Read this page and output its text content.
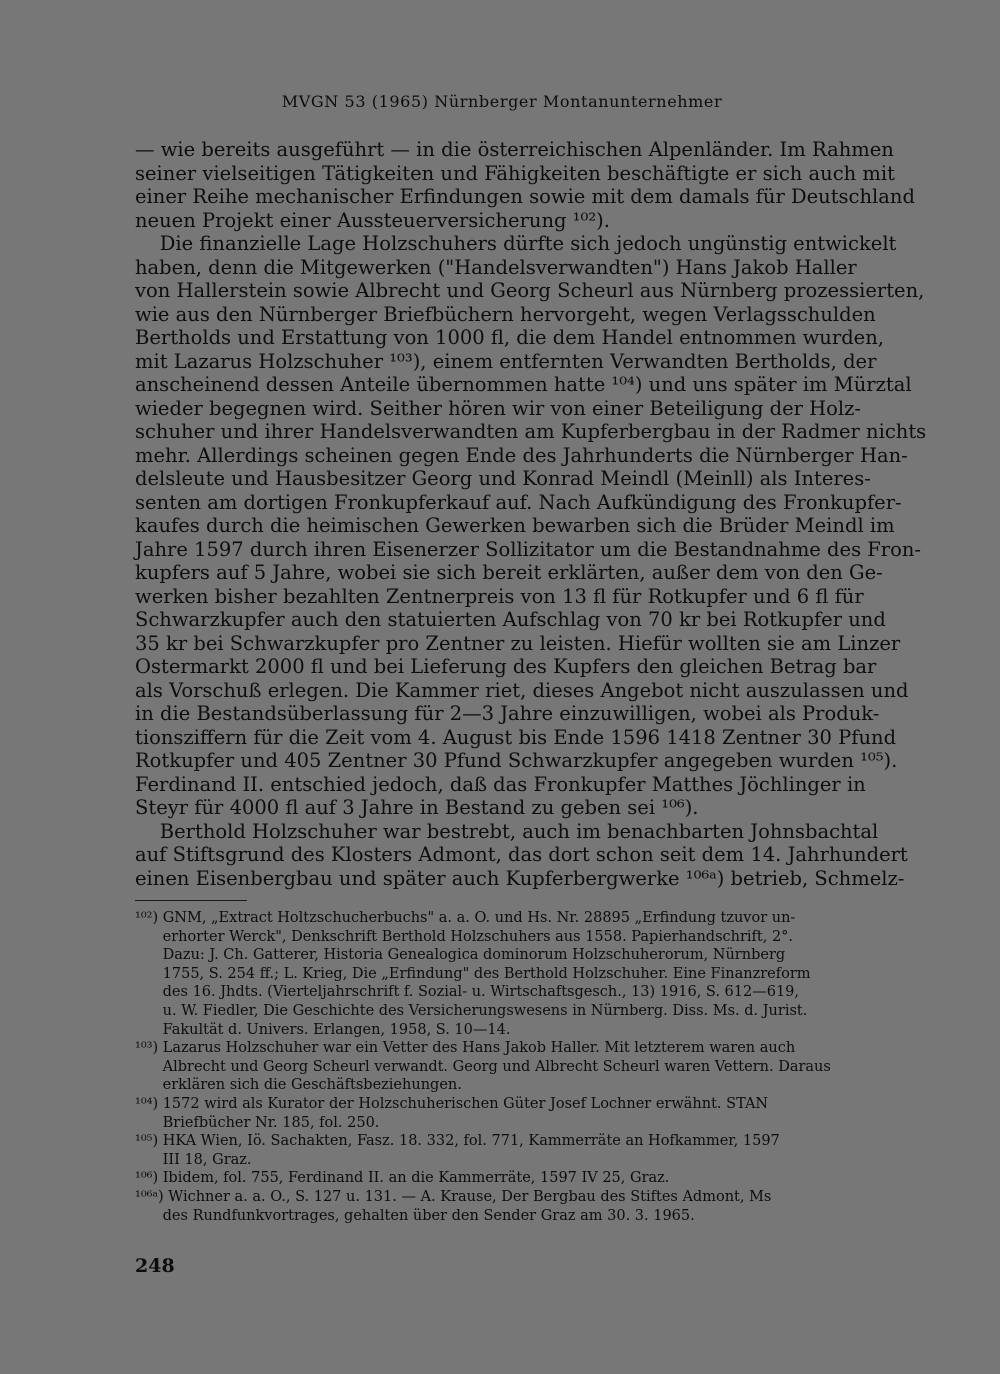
MVGN 53 (1965) Nürnberger Montanunternehmer
— wie bereits ausgeführt — in die österreichischen Alpenländer. Im Rahmen
seiner vielseitigen Tätigkeiten und Fähigkeiten beschäftigte er sich auch mit
einer Reihe mechanischer Erfindungen sowie mit dem damals für Deutschland
neuen Projekt einer Aussteuerversicherung ¹⁰²).
Die finanzielle Lage Holzschuhers dürfte sich jedoch ungünstig entwickelt
haben, denn die Mitgewerken ("Handelsverwandten") Hans Jakob Haller
von Hallerstein sowie Albrecht und Georg Scheurl aus Nürnberg prozessierten,
wie aus den Nürnberger Briefbüchern hervorgeht, wegen Verlagsschulden
Bertholds und Erstattung von 1000 fl, die dem Handel entnommen wurden,
mit Lazarus Holzschuher ¹⁰³), einem entfernten Verwandten Bertholds, der
anscheinend dessen Anteile übernommen hatte ¹⁰⁴) und uns später im Mürztal
wieder begegnen wird. Seither hören wir von einer Beteiligung der Holz-
schuher und ihrer Handelsverwandten am Kupferbergbau in der Radmer nichts
mehr. Allerdings scheinen gegen Ende des Jahrhunderts die Nürnberger Han-
delsleute und Hausbesitzer Georg und Konrad Meindl (Meinll) als Interes-
senten am dortigen Fronkupferkauf auf. Nach Aufkündigung des Fronkupfer-
kaufes durch die heimischen Gewerken bewarben sich die Brüder Meindl im
Jahre 1597 durch ihren Eisenerzer Sollizitator um die Bestandnahme des Fron-
kupfers auf 5 Jahre, wobei sie sich bereit erklärten, außer dem von den Ge-
werken bisher bezahlten Zentnerpreis von 13 fl für Rotkupfer und 6 fl für
Schwarzkupfer auch den statuierten Aufschlag von 70 kr bei Rotkupfer und
35 kr bei Schwarzkupfer pro Zentner zu leisten. Hiefür wollten sie am Linzer
Ostermarkt 2000 fl und bei Lieferung des Kupfers den gleichen Betrag bar
als Vorschuß erlegen. Die Kammer riet, dieses Angebot nicht auszulassen und
in die Bestandsüberlassung für 2—3 Jahre einzuwilligen, wobei als Produk-
tionsziffern für die Zeit vom 4. August bis Ende 1596 1418 Zentner 30 Pfund
Rotkupfer und 405 Zentner 30 Pfund Schwarzkupfer angegeben wurden ¹⁰⁵).
Ferdinand II. entschied jedoch, daß das Fronkupfer Matthes Jöchlinger in
Steyr für 4000 fl auf 3 Jahre in Bestand zu geben sei ¹⁰⁶).
Berthold Holzschuher war bestrebt, auch im benachbarten Johnsbachtal
auf Stiftsgrund des Klosters Admont, das dort schon seit dem 14. Jahrhundert
einen Eisenbergbau und später auch Kupferbergwerke ¹⁰⁶ᵃ) betrieb, Schmelz-
¹⁰²) GNM, „Extract Holtzschucherbuchs" a. a. O. und Hs. Nr. 28895 „Erfindung tzuvor un-
erhorter Werck", Denkschrift Berthold Holzschuhers aus 1558. Papierhandschrift, 2°.
Dazu: J. Ch. Gatterer, Historia Genealogica dominorum Holzschuherorum, Nürnberg
1755, S. 254 ff.; L. Krieg, Die „Erfindung" des Berthold Holzschuher. Eine Finanzreform
des 16. Jhdts. (Vierteljahrschrift f. Sozial- u. Wirtschaftsgesch., 13) 1916, S. 612—619,
u. W. Fiedler, Die Geschichte des Versicherungswesens in Nürnberg. Diss. Ms. d. Jurist.
Fakultät d. Univers. Erlangen, 1958, S. 10—14.
¹⁰³) Lazarus Holzschuher war ein Vetter des Hans Jakob Haller. Mit letzterem waren auch
Albrecht und Georg Scheurl verwandt. Georg und Albrecht Scheurl waren Vettern. Daraus
erklären sich die Geschäftsbeziehungen.
¹⁰⁴) 1572 wird als Kurator der Holzschuherischen Güter Josef Lochner erwähnt. STAN
Briefbücher Nr. 185, fol. 250.
¹⁰⁵) HKA Wien, Iö. Sachakten, Fasz. 18. 332, fol. 771, Kammerräte an Hofkammer, 1597
III 18, Graz.
¹⁰⁶) Ibidem, fol. 755, Ferdinand II. an die Kammerräte, 1597 IV 25, Graz.
¹⁰⁶ᵃ) Wichner a. a. O., S. 127 u. 131. — A. Krause, Der Bergbau des Stiftes Admont, Ms
des Rundfunkvortrages, gehalten über den Sender Graz am 30. 3. 1965.
248
